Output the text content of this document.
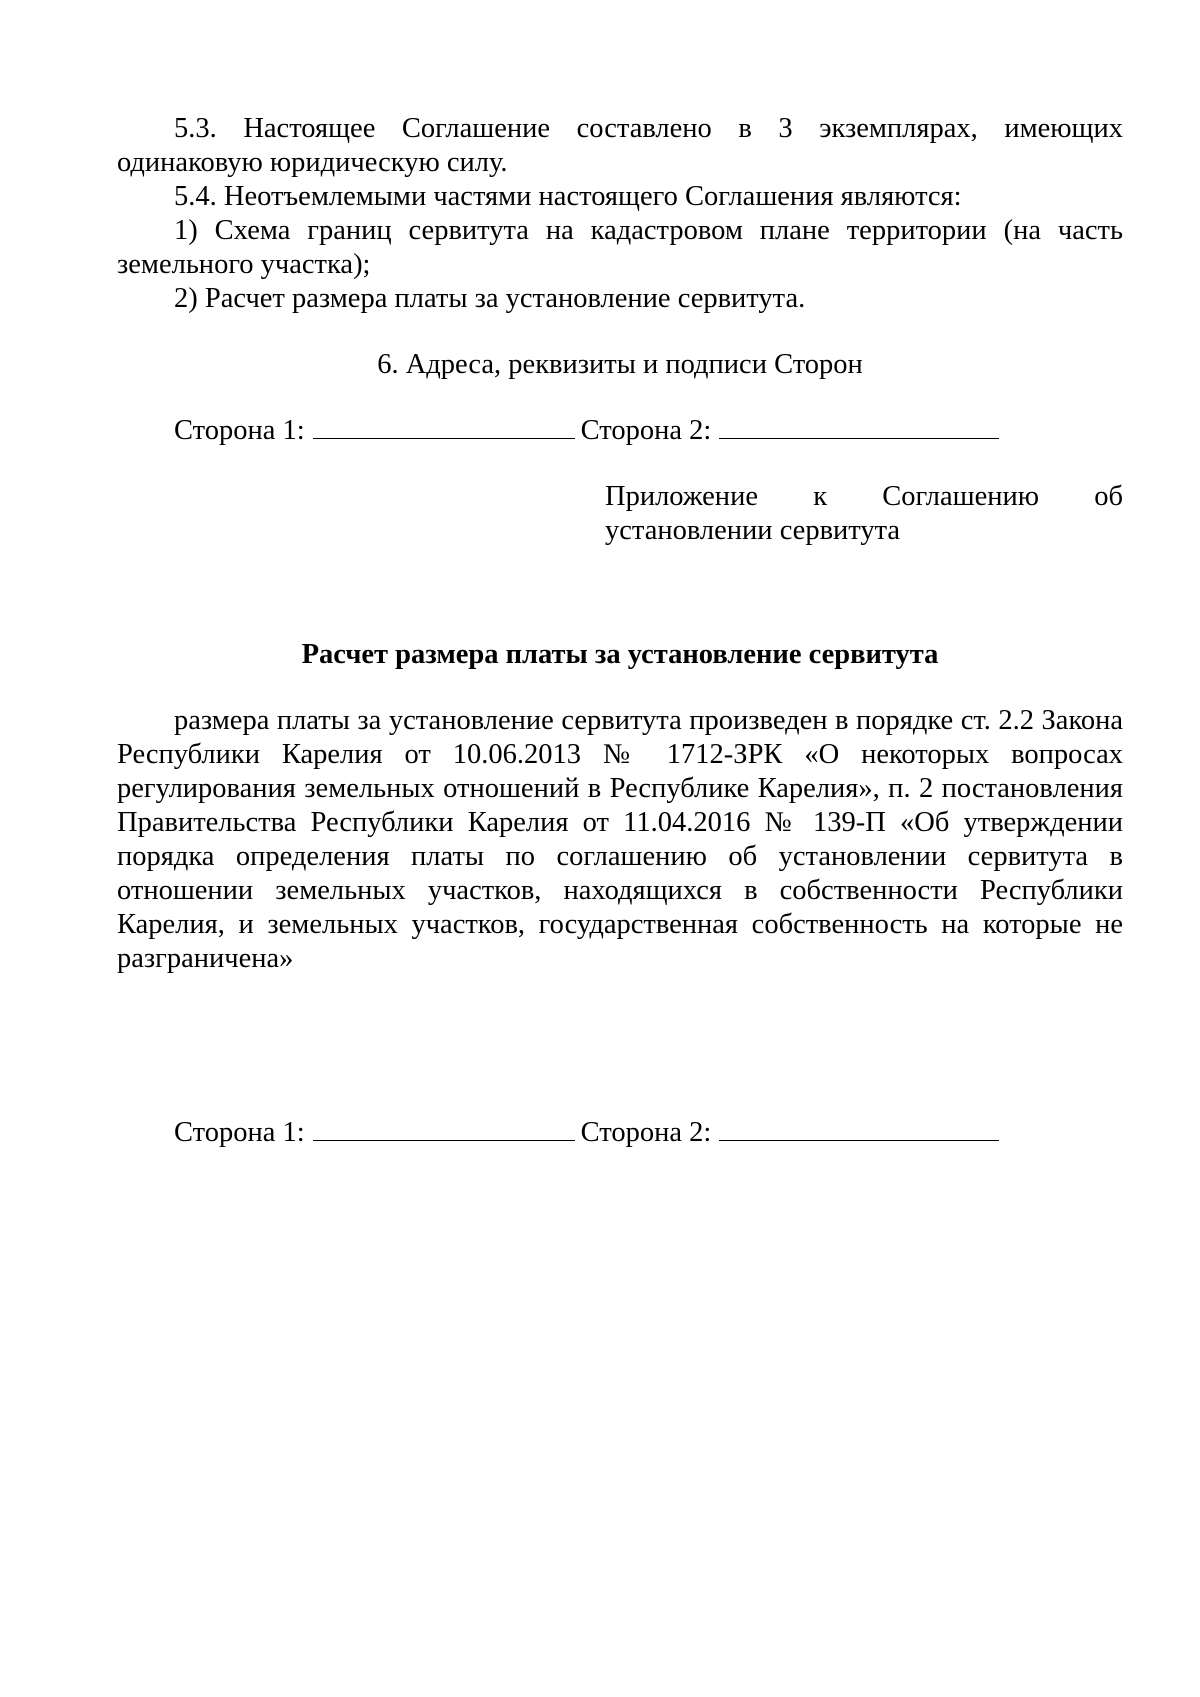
5.3. Настоящее Соглашение составлено в 3 экземплярах, имеющих одинаковую юридическую силу.

5.4. Неотъемлемыми частями настоящего Соглашения являются:

1) Схема границ сервитута на кадастровом плане территории (на часть земельного участка);

2) Расчет размера платы за установление сервитута.

6. Адреса, реквизиты и подписи Сторон

Сторона 1:	Сторона 2:
Приложение к Соглашению об
установлении сервитута

Расчет размера платы за установление сервитута

размера платы за установление сервитута произведен в порядке ст. 2.2 Закона Республики Карелия от 10.06.2013 № 1712-ЗРК «О некоторых вопросах регулирования земельных отношений в Республике Карелия», п. 2 постановления Правительства Республики Карелия от 11.04.2016 № 139-П «Об утверждении порядка определения платы по соглашению об установлении сервитута в отношении земельных участков, находящихся в собственности Республики Карелия, и земельных участков, государственная собственность на которые не разграничена»

Сторона 1:	Сторона 2:
